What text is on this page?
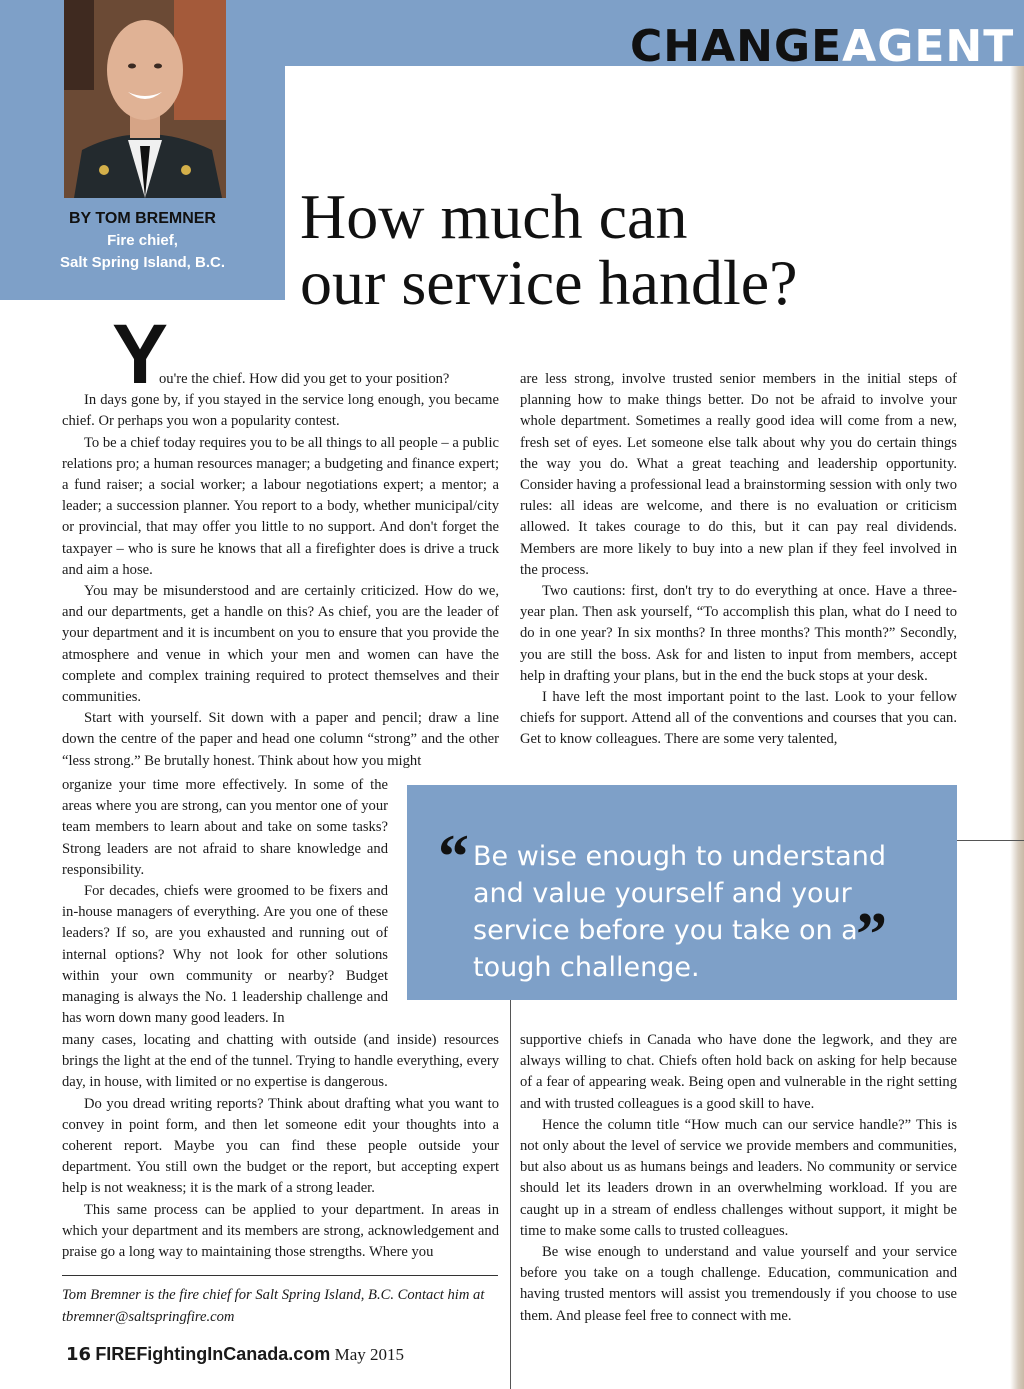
CHANGEAGENT
BY TOM BREMNER
Fire chief,
Salt Spring Island, B.C.
How much can
our service handle?
Y

ou're the chief. How did you get to your position?

In days gone by, if you stayed in the service long enough, you became chief. Or perhaps you won a popularity contest.

To be a chief today requires you to be all things to all people – a public relations pro; a human resources manager; a budgeting and finance expert; a fund raiser; a social worker; a labour negotiations expert; a mentor; a leader; a succession planner. You report to a body, whether municipal/city or provincial, that may offer you little to no support. And don't forget the taxpayer – who is sure he knows that all a firefighter does is drive a truck and aim a hose.

You may be misunderstood and are certainly criticized. How do we, and our departments, get a handle on this? As chief, you are the leader of your department and it is incumbent on you to ensure that you provide the atmosphere and venue in which your men and women can have the complete and complex training required to protect themselves and their communities.

Start with yourself. Sit down with a paper and pencil; draw a line down the centre of the paper and head one column “strong” and the other “less strong.” Be brutally honest. Think about how you might

organize your time more effectively. In some of the areas where you are strong, can you mentor one of your team members to learn about and take on some tasks? Strong leaders are not afraid to share knowledge and responsibility.

For decades, chiefs were groomed to be fixers and in-house managers of everything. Are you one of these leaders? If so, are you exhausted and running out of internal options? Why not look for other solutions within your own community or nearby? Budget managing is always the No. 1 leadership challenge and has worn down many good leaders. In

many cases, locating and chatting with outside (and inside) resources brings the light at the end of the tunnel. Trying to handle everything, every day, in house, with limited or no expertise is dangerous.

Do you dread writing reports? Think about drafting what you want to convey in point form, and then let someone edit your thoughts into a coherent report. Maybe you can find these people outside your department. You still own the budget or the report, but accepting expert help is not weakness; it is the mark of a strong leader.

This same process can be applied to your department. In areas in which your department and its members are strong, acknowledgement and praise go a long way to maintaining those strengths. Where you

are less strong, involve trusted senior members in the initial steps of planning how to make things better. Do not be afraid to involve your whole department. Sometimes a really good idea will come from a new, fresh set of eyes. Let someone else talk about why you do certain things the way you do. What a great teaching and leadership opportunity. Consider having a professional lead a brainstorming session with only two rules: all ideas are welcome, and there is no evaluation or criticism allowed. It takes courage to do this, but it can pay real dividends. Members are more likely to buy into a new plan if they feel involved in the process.

Two cautions: first, don't try to do everything at once. Have a three-year plan. Then ask yourself, “To accomplish this plan, what do I need to do in one year? In six months? In three months? This month?” Secondly, you are still the boss. Ask for and listen to input from members, accept help in drafting your plans, but in the end the buck stops at your desk.

I have left the most important point to the last. Look to your fellow chiefs for support. Attend all of the conventions and courses that you can. Get to know colleagues. There are some very talented,

“ Be wise enough to understand and value yourself and your service before you take on a tough challenge.	”

supportive chiefs in Canada who have done the legwork, and they are always willing to chat. Chiefs often hold back on asking for help because of a fear of appearing weak. Being open and vulnerable in the right setting and with trusted colleagues is a good skill to have.

Hence the column title “How much can our service handle?” This is not only about the level of service we provide members and communities, but also about us as humans beings and leaders. No community or service should let its leaders drown in an overwhelming workload. If you are caught up in a stream of endless challenges without support, it might be time to make some calls to trusted colleagues.

Be wise enough to understand and value yourself and your service before you take on a tough challenge. Education, communication and having trusted mentors will assist you tremendously if you choose to use them. And please feel free to connect with me.

Tom Bremner is the fire chief for Salt Spring Island, B.C. Contact him at tbremner@saltspringfire.com
16 FIREFightingInCanada.com May 2015
